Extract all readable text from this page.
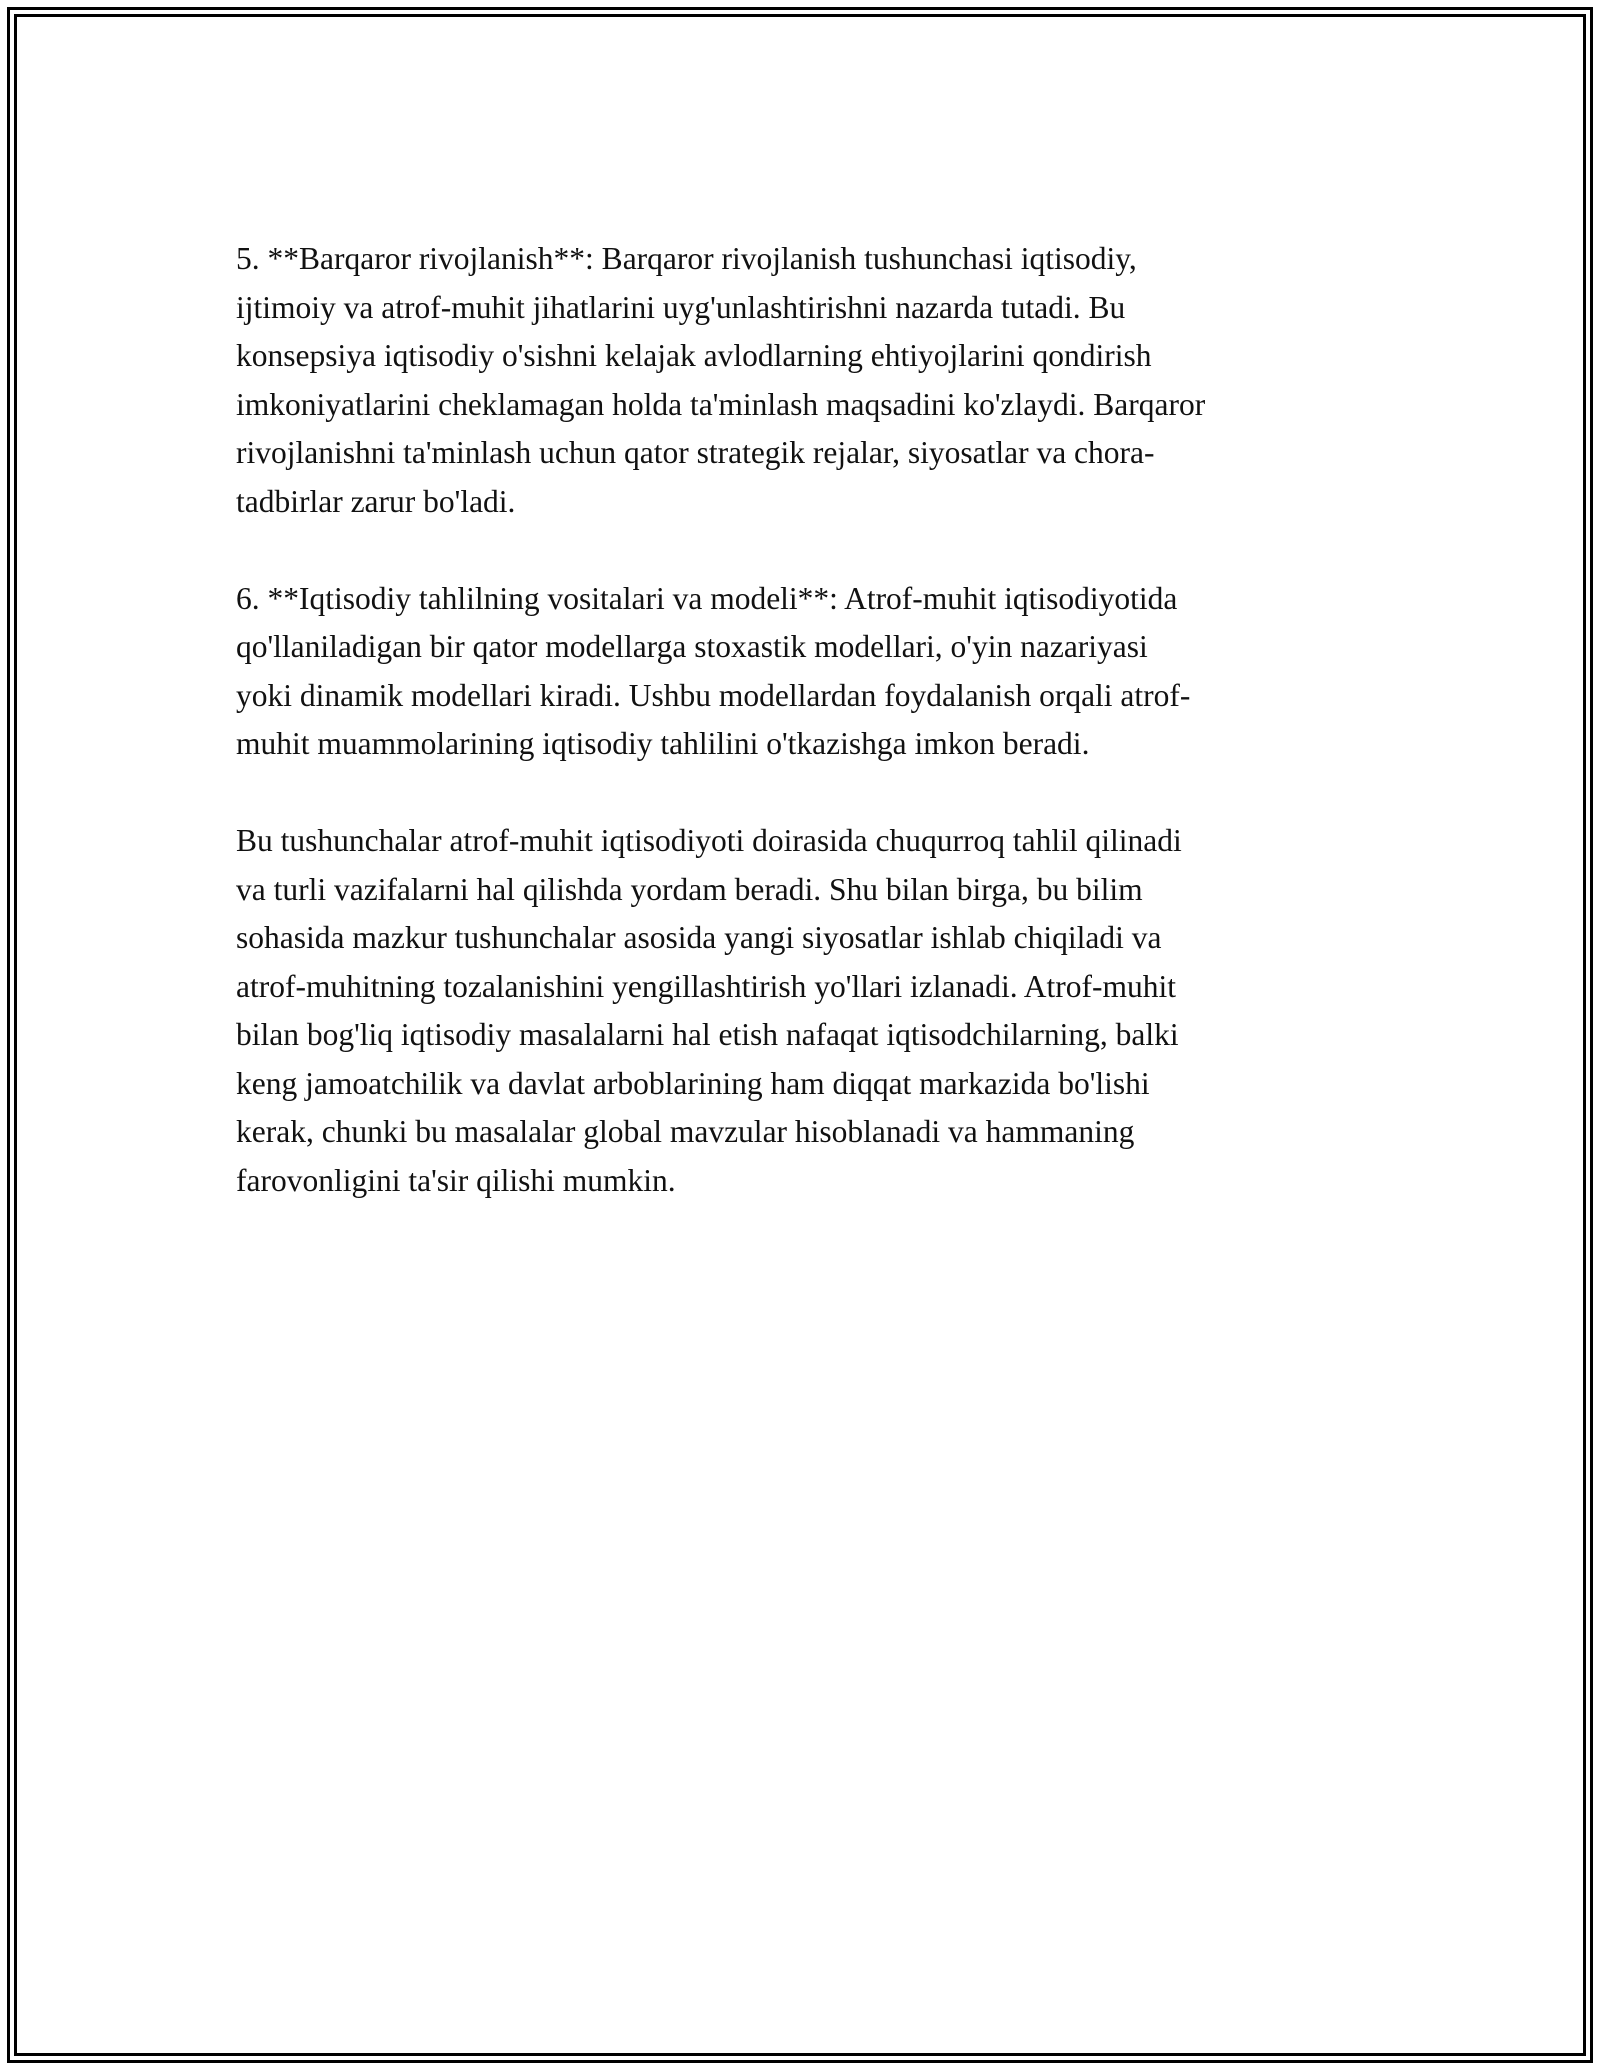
5. **Barqaror rivojlanish**: Barqaror rivojlanish tushunchasi iqtisodiy,
ijtimoiy va atrof-muhit jihatlarini uyg'unlashtirishni nazarda tutadi. Bu
konsepsiya iqtisodiy o'sishni kelajak avlodlarning ehtiyojlarini qondirish
imkoniyatlarini cheklamagan holda ta'minlash maqsadini ko'zlaydi. Barqaror
rivojlanishni ta'minlash uchun qator strategik rejalar, siyosatlar va chora-
tadbirlar zarur bo'ladi.

6. **Iqtisodiy tahlilning vositalari va modeli**: Atrof-muhit iqtisodiyotida
qo'llaniladigan bir qator modellarga stoxastik modellari, o'yin nazariyasi
yoki dinamik modellari kiradi. Ushbu modellardan foydalanish orqali atrof-
muhit muammolarining iqtisodiy tahlilini o'tkazishga imkon beradi.

Bu tushunchalar atrof-muhit iqtisodiyoti doirasida chuqurroq tahlil qilinadi
va turli vazifalarni hal qilishda yordam beradi. Shu bilan birga, bu bilim
sohasida mazkur tushunchalar asosida yangi siyosatlar ishlab chiqiladi va
atrof-muhitning tozalanishini yengillashtirish yo'llari izlanadi. Atrof-muhit
bilan bog'liq iqtisodiy masalalarni hal etish nafaqat iqtisodchilarning, balki
keng jamoatchilik va davlat arboblarining ham diqqat markazida bo'lishi
kerak, chunki bu masalalar global mavzular hisoblanadi va hammaning
farovonligini ta'sir qilishi mumkin.
